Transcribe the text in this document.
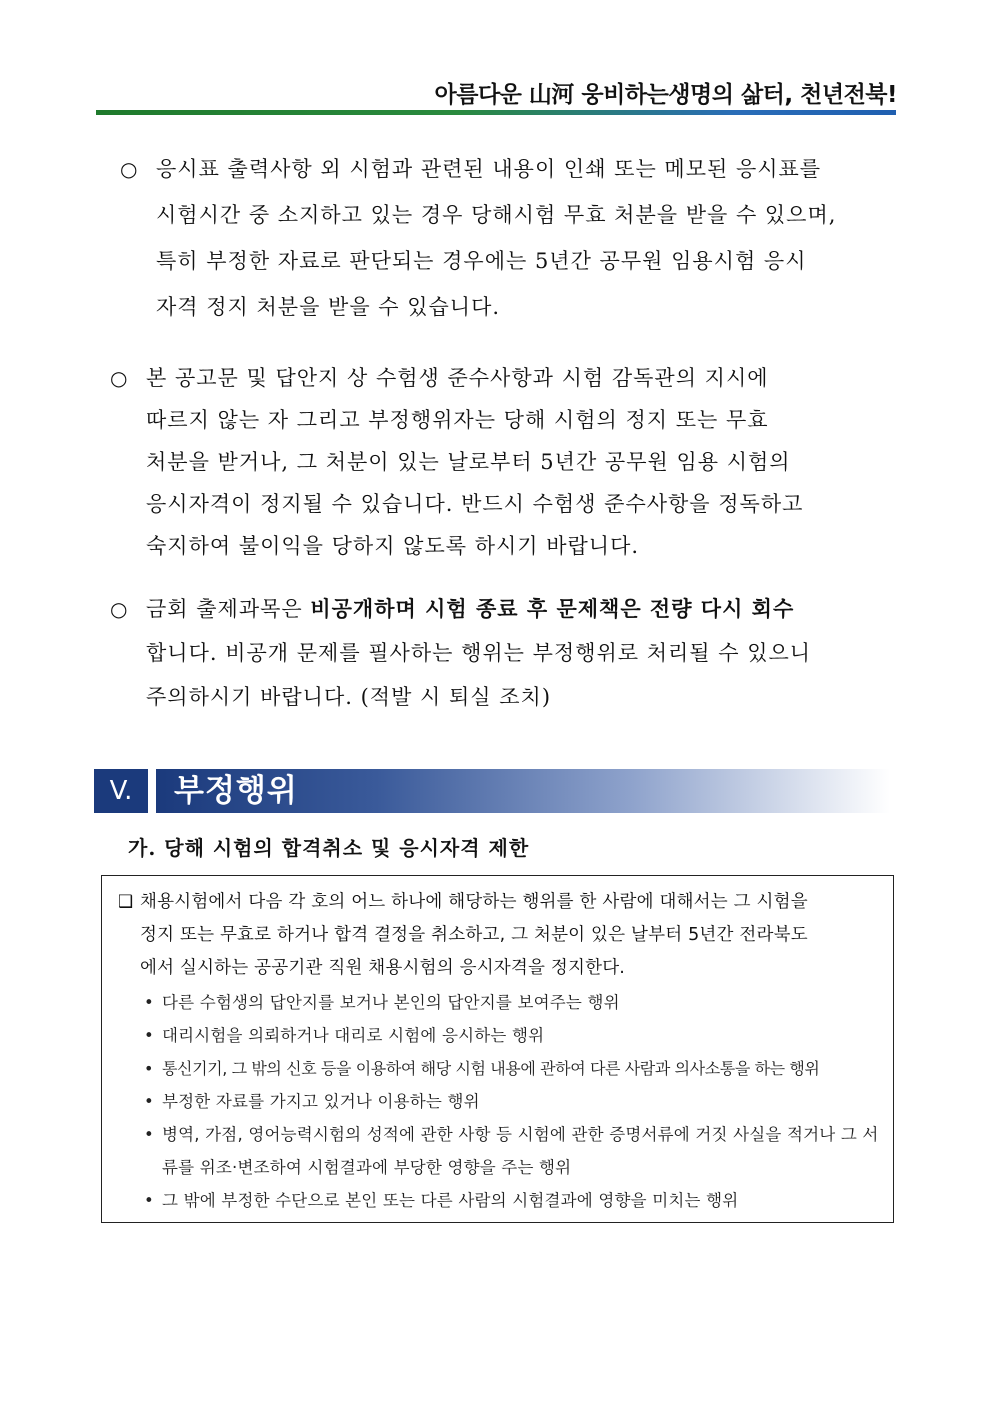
아름다운 山河 웅비하는생명의 삶터, 천년전북!
○ 응시표 출력사항 외 시험과 관련된 내용이 인쇄 또는 메모된 응시표를
시험시간 중 소지하고 있는 경우 당해시험 무효 처분을 받을 수 있으며,
특히 부정한 자료로 판단되는 경우에는 5년간 공무원 임용시험 응시
자격 정지 처분을 받을 수 있습니다.
○ 본 공고문 및 답안지 상 수험생 준수사항과 시험 감독관의 지시에
따르지 않는 자 그리고 부정행위자는 당해 시험의 정지 또는 무효
처분을 받거나, 그 처분이 있는 날로부터 5년간 공무원 임용 시험의
응시자격이 정지될 수 있습니다. 반드시 수험생 준수사항을 정독하고
숙지하여 불이익을 당하지 않도록 하시기 바랍니다.
○ 금회 출제과목은 비공개하며 시험 종료 후 문제책은 전량 다시 회수
합니다. 비공개 문제를 필사하는 행위는 부정행위로 처리될 수 있으니
주의하시기 바랍니다. (적발 시 퇴실 조치)
V.	부정행위
가. 당해 시험의 합격취소 및 응시자격 제한
❑ 채용시험에서 다음 각 호의 어느 하나에 해당하는 행위를 한 사람에 대해서는 그 시험을
정지 또는 무효로 하거나 합격 결정을 취소하고, 그 처분이 있은 날부터 5년간 전라북도
에서 실시하는 공공기관 직원 채용시험의 응시자격을 정지한다.
• 다른 수험생의 답안지를 보거나 본인의 답안지를 보여주는 행위
• 대리시험을 의뢰하거나 대리로 시험에 응시하는 행위
• 통신기기, 그 밖의 신호 등을 이용하여 해당 시험 내용에 관하여 다른 사람과 의사소통을 하는 행위
• 부정한 자료를 가지고 있거나 이용하는 행위
• 병역, 가점, 영어능력시험의 성적에 관한 사항 등 시험에 관한 증명서류에 거짓 사실을 적거나 그 서류를 위조·변조하여 시험결과에 부당한 영향을 주는 행위
• 그 밖에 부정한 수단으로 본인 또는 다른 사람의 시험결과에 영향을 미치는 행위
